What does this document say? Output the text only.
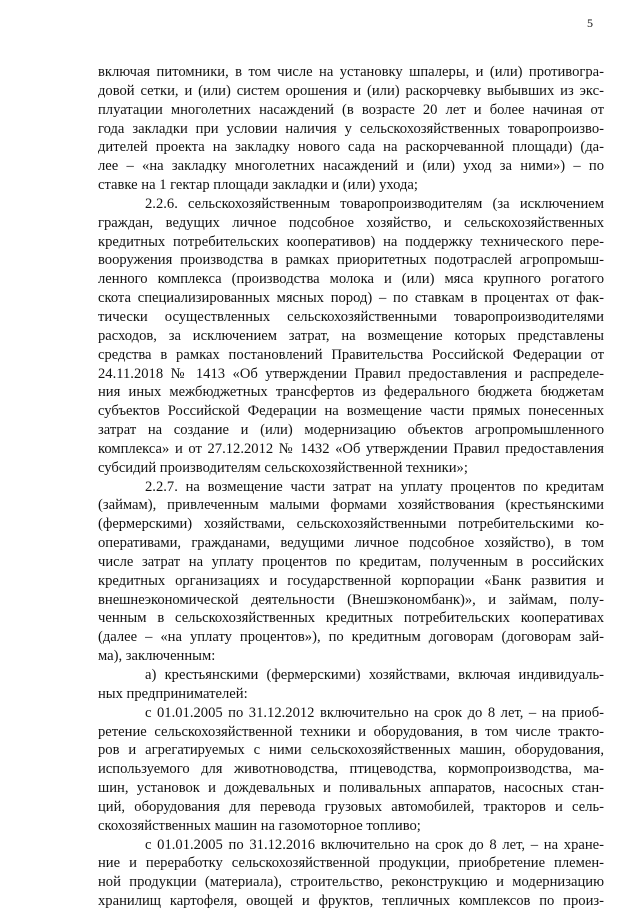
5
включая питомники, в том числе на установку шпалеры, и (или) противогра-
довой сетки, и (или) систем орошения и (или) раскорчевку выбывших из экс-
плуатации многолетних насаждений (в возрасте 20 лет и более начиная от
года закладки при условии наличия у сельскохозяйственных товаропроизво-
дителей проекта на закладку нового сада на раскорчеванной площади) (да-
лее – «на закладку многолетних насаждений и (или) уход за ними») – по
ставке на 1 гектар площади закладки и (или) ухода;
2.2.6. сельскохозяйственным товаропроизводителям (за исключением
граждан, ведущих личное подсобное хозяйство, и сельскохозяйственных
кредитных потребительских кооперативов) на поддержку технического пере-
вооружения производства в рамках приоритетных подотраслей агропромыш-
ленного комплекса (производства молока и (или) мяса крупного рогатого
скота специализированных мясных пород) – по ставкам в процентах от фак-
тически осуществленных сельскохозяйственными товаропроизводителями
расходов, за исключением затрат, на возмещение которых представлены
средства в рамках постановлений Правительства Российской Федерации от
24.11.2018 № 1413 «Об утверждении Правил предоставления и распределе-
ния иных межбюджетных трансфертов из федерального бюджета бюджетам
субъектов Российской Федерации на возмещение части прямых понесенных
затрат на создание и (или) модернизацию объектов агропромышленного
комплекса» и от 27.12.2012 № 1432 «Об утверждении Правил предоставления
субсидий производителям сельскохозяйственной техники»;
2.2.7. на возмещение части затрат на уплату процентов по кредитам
(займам), привлеченным малыми формами хозяйствования (крестьянскими
(фермерскими) хозяйствами, сельскохозяйственными потребительскими ко-
оперативами, гражданами, ведущими личное подсобное хозяйство), в том
числе затрат на уплату процентов по кредитам, полученным в российских
кредитных организациях и государственной корпорации «Банк развития и
внешнеэкономической деятельности (Внешэкономбанк)», и займам, полу-
ченным в сельскохозяйственных кредитных потребительских кооперативах
(далее – «на уплату процентов»), по кредитным договорам (договорам зай-
ма), заключенным:
а) крестьянскими (фермерскими) хозяйствами, включая индивидуаль-
ных предпринимателей:
с 01.01.2005 по 31.12.2012 включительно на срок до 8 лет, – на приоб-
ретение сельскохозяйственной техники и оборудования, в том числе тракто-
ров и агрегатируемых с ними сельскохозяйственных машин, оборудования,
используемого для животноводства, птицеводства, кормопроизводства, ма-
шин, установок и дождевальных и поливальных аппаратов, насосных стан-
ций, оборудования для перевода грузовых автомобилей, тракторов и сель-
скохозяйственных машин на газомоторное топливо;
с 01.01.2005 по 31.12.2016 включительно на срок до 8 лет, – на хране-
ние и переработку сельскохозяйственной продукции, приобретение племен-
ной продукции (материала), строительство, реконструкцию и модернизацию
хранилищ картофеля, овощей и фруктов, тепличных комплексов по произ-
